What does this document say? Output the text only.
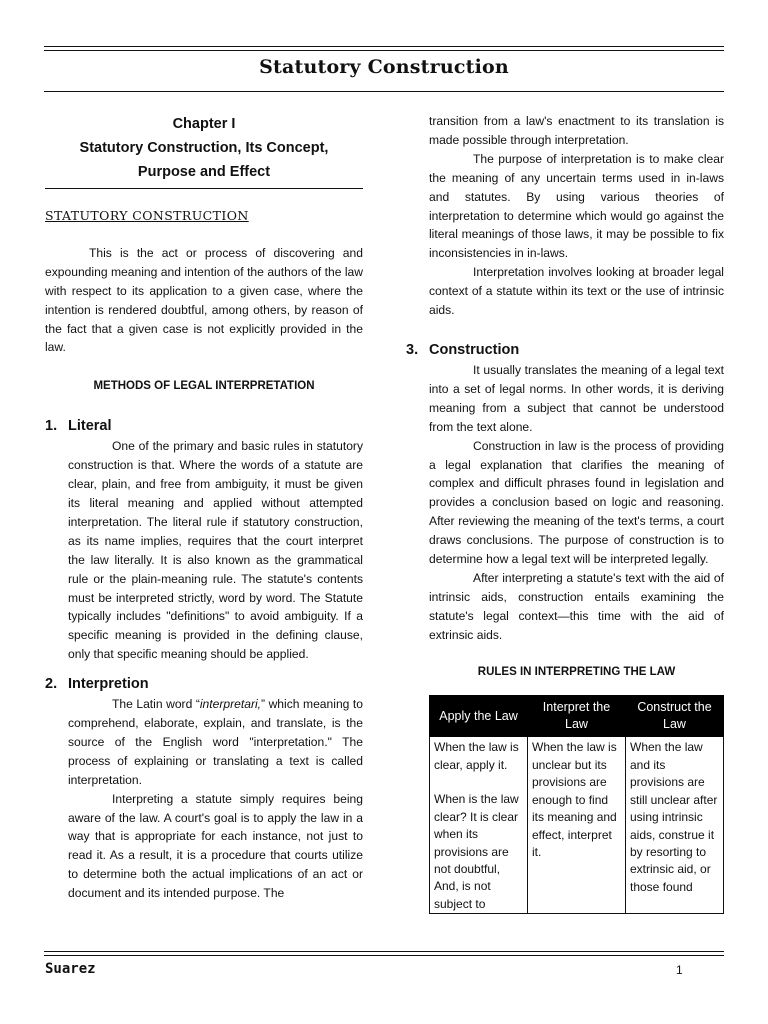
Statutory Construction
Chapter I
Statutory Construction, Its Concept,
Purpose and Effect
STATUTORY CONSTRUCTION

This is the act or process of discovering and expounding meaning and intention of the authors of the law with respect to its application to a given case, where the intention is rendered doubtful, among others, by reason of the fact that a given case is not explicitly provided in the law.

METHODS OF LEGAL INTERPRETATION
1. Literal

One of the primary and basic rules in statutory construction is that. Where the words of a statute are clear, plain, and free from ambiguity, it must be given its literal meaning and applied without attempted interpretation. The literal rule if statutory construction, as its name implies, requires that the court interpret the law literally. It is also known as the grammatical rule or the plain-meaning rule. The statute's contents must be interpreted strictly, word by word. The Statute typically includes "definitions" to avoid ambiguity. If a specific meaning is provided in the defining clause, only that specific meaning should be applied.

2. Interpretion

The Latin word “interpretari,” which meaning to comprehend, elaborate, explain, and translate, is the source of the English word "interpretation." The process of explaining or translating a text is called interpretation.

Interpreting a statute simply requires being aware of the law. A court's goal is to apply the law in a way that is appropriate for each instance, not just to read it. As a result, it is a procedure that courts utilize to determine both the actual implications of an act or document and its intended purpose. The

transition from a law's enactment to its translation is made possible through interpretation.

The purpose of interpretation is to make clear the meaning of any uncertain terms used in in-laws and statutes. By using various theories of interpretation to determine which would go against the literal meanings of those laws, it may be possible to fix inconsistencies in in-laws.

Interpretation involves looking at broader legal context of a statute within its text or the use of intrinsic aids.

3. Construction

It usually translates the meaning of a legal text into a set of legal norms. In other words, it is deriving meaning from a subject that cannot be understood from the text alone.

Construction in law is the process of providing a legal explanation that clarifies the meaning of complex and difficult phrases found in legislation and provides a conclusion based on logic and reasoning. After reviewing the meaning of the text's terms, a court draws conclusions. The purpose of construction is to determine how a legal text will be interpreted legally.

After interpreting a statute's text with the aid of intrinsic aids, construction entails examining the statute's legal context—this time with the aid of extrinsic aids.

RULES IN INTERPRETING THE LAW
Apply the Law	Interpret the Law	Construct the Law

When the law is clear, apply it.

When is the law clear? It is clear when its provisions are not doubtful, And, is not subject to	When the law is unclear but its provisions are enough to find its meaning and effect, interpret it.	When the law and its provisions are still unclear after using intrinsic aids, construe it by resorting to extrinsic aid, or those found

Suarez	1
